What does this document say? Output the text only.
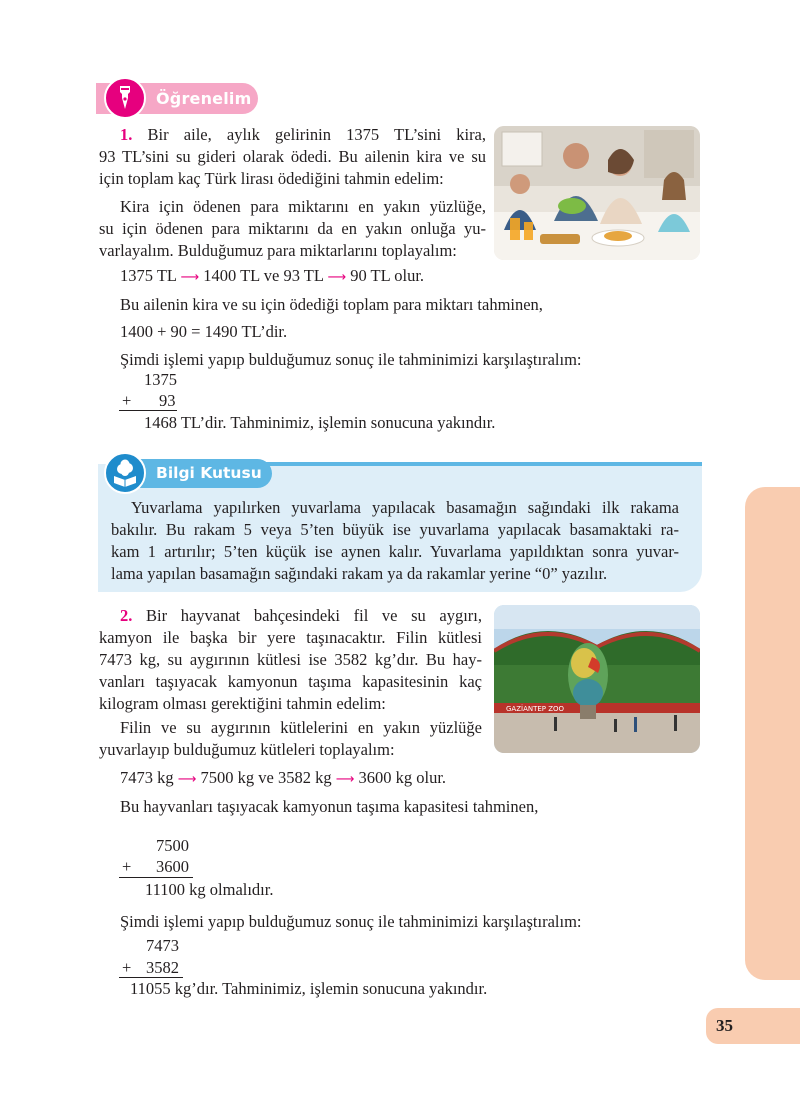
Öğrenelim
1. Bir aile, aylık gelirinin 1375 TL’sini kira,
93 TL’sini su gideri olarak ödedi. Bu ailenin kira ve su
için toplam kaç Türk lirası ödediğini tahmin edelim:
Kira için ödenen para miktarını en yakın yüzlüğe,
su için ödenen para miktarını da en yakın onluğa yu-
varlayalım. Bulduğumuz para miktarlarını toplayalım:
1375 TL ⟶ 1400 TL ve 93 TL ⟶ 90 TL olur.
Bu ailenin kira ve su için ödediği toplam para miktarı tahminen,
1400 + 90 = 1490 TL’dir.
Şimdi işlemi yapıp bulduğumuz sonuç ile tahminimizi karşılaştıralım:
1375
+ 93
1468 TL’dir. Tahminimiz, işlemin sonucuna yakındır.
Bilgi Kutusu
Yuvarlama yapılırken yuvarlama yapılacak basamağın sağındaki ilk rakama
bakılır. Bu rakam 5 veya 5’ten büyük ise yuvarlama yapılacak basamaktaki ra-
kam 1 artırılır; 5’ten küçük ise aynen kalır. Yuvarlama yapıldıktan sonra yuvar-
lama yapılan basamağın sağındaki rakam ya da rakamlar yerine “0” yazılır.
2. Bir hayvanat bahçesindeki fil ve su aygırı,
kamyon ile başka bir yere taşınacaktır. Filin kütlesi
7473 kg, su aygırının kütlesi ise 3582 kg’dır. Bu hay-
vanları taşıyacak kamyonun taşıma kapasitesinin kaç
kilogram olması gerektiğini tahmin edelim:
Filin ve su aygırının kütlelerini en yakın yüzlüğe
yuvarlayıp bulduğumuz kütleleri toplayalım:
7473 kg ⟶ 7500 kg ve 3582 kg ⟶ 3600 kg olur.
Bu hayvanları taşıyacak kamyonun taşıma kapasitesi tahminen,
7500
+ 3600
11100 kg olmalıdır.
Şimdi işlemi yapıp bulduğumuz sonuç ile tahminimizi karşılaştıralım:
7473
+ 3582
11055 kg’dır. Tahminimiz, işlemin sonucuna yakındır.
GAZİANTEP ZOO
35
